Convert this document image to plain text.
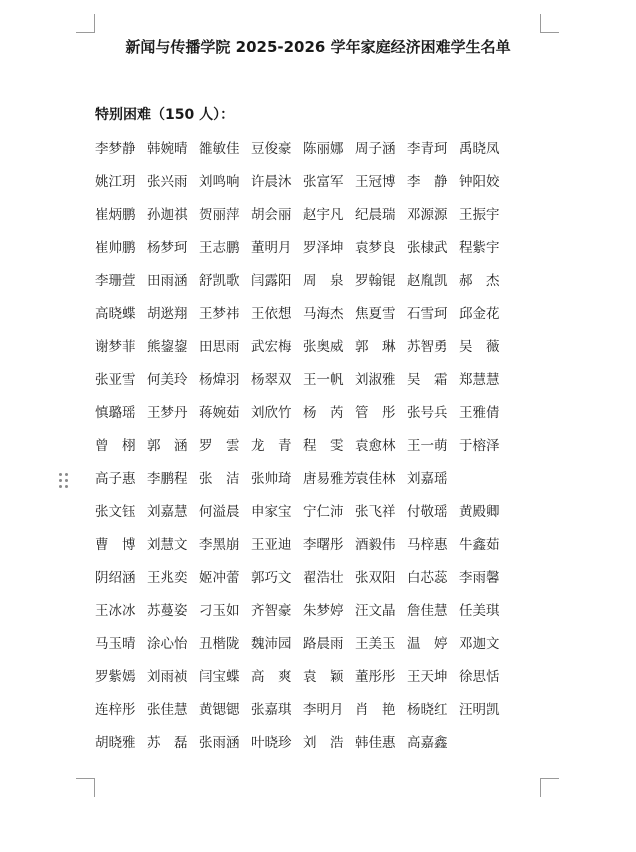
新闻与传播学院 2025-2026 学年家庭经济困难学生名单
特别困难（150 人）：
李梦静 韩婉晴 雒敏佳 豆俊豪 陈丽娜 周子涵 李青珂 禹晓凤
姚江玥 张兴雨 刘鸣响 许晨沐 张富军 王冠博 李　静 钟阳姣
崔炳鹏 孙迦祺 贺丽萍 胡会丽 赵宇凡 纪晨瑞 邓源源 王振宇
崔帅鹏 杨梦珂 王志鹏 董明月 罗泽坤 袁梦良 张棣武 程紫宇
李珊萱 田雨涵 舒凯歌 闫露阳 周　泉 罗翰锟 赵胤凯 郝　杰
高晓蝶 胡逖翔 王梦祎 王依想 马海杰 焦夏雪 石雪珂 邱金花
谢梦菲 熊鋆鋆 田思雨 武宏梅 张奥威 郭　琳 苏智勇 吴　薇
张亚雪 何美玲 杨煒羽 杨翠双 王一帆 刘淑雅 吴　霜 郑慧慧
慎璐瑶 王梦丹 蒋婉茹 刘欣竹 杨　芮 管　彤 张号兵 王雅倩
曾　栩 郭　涵 罗　雲 龙　青 程　雯 袁愈林 王一萌 于榕泽
高子惠 李鹏程 张　洁 张帅琦 唐易雅芳
袁佳林 刘嘉瑶
张文钰 刘嘉慧 何溢晨 申家宝 宁仁沛 张飞祥 付敬瑶 黄殿卿
曹　博 刘慧文 李黑崩 王亚迪 李曙彤 酒毅伟 马梓惠 牛鑫茹
阴绍涵 王兆奕 姬冲蕾 郭巧文 翟浩壮 张双阳 白芯蕊 李雨馨
王冰冰 苏蔓姿 刁玉如 齐智豪 朱梦婷 汪文晶 詹佳慧 任美琪
马玉晴 涂心怡 丑楷陇 魏沛园 路晨雨 王美玉 温　婷 邓迦文
罗紫嫣 刘雨祯 闫宝蝶 高　爽 袁　颖 董彤彤 王天坤 徐思恬
连梓彤 张佳慧 黄锶锶 张嘉琪 李明月 肖　艳 杨晓红 汪明凯
胡晓雅 苏　磊 张雨涵 叶晓珍 刘　浩 韩佳惠 高嘉鑫
